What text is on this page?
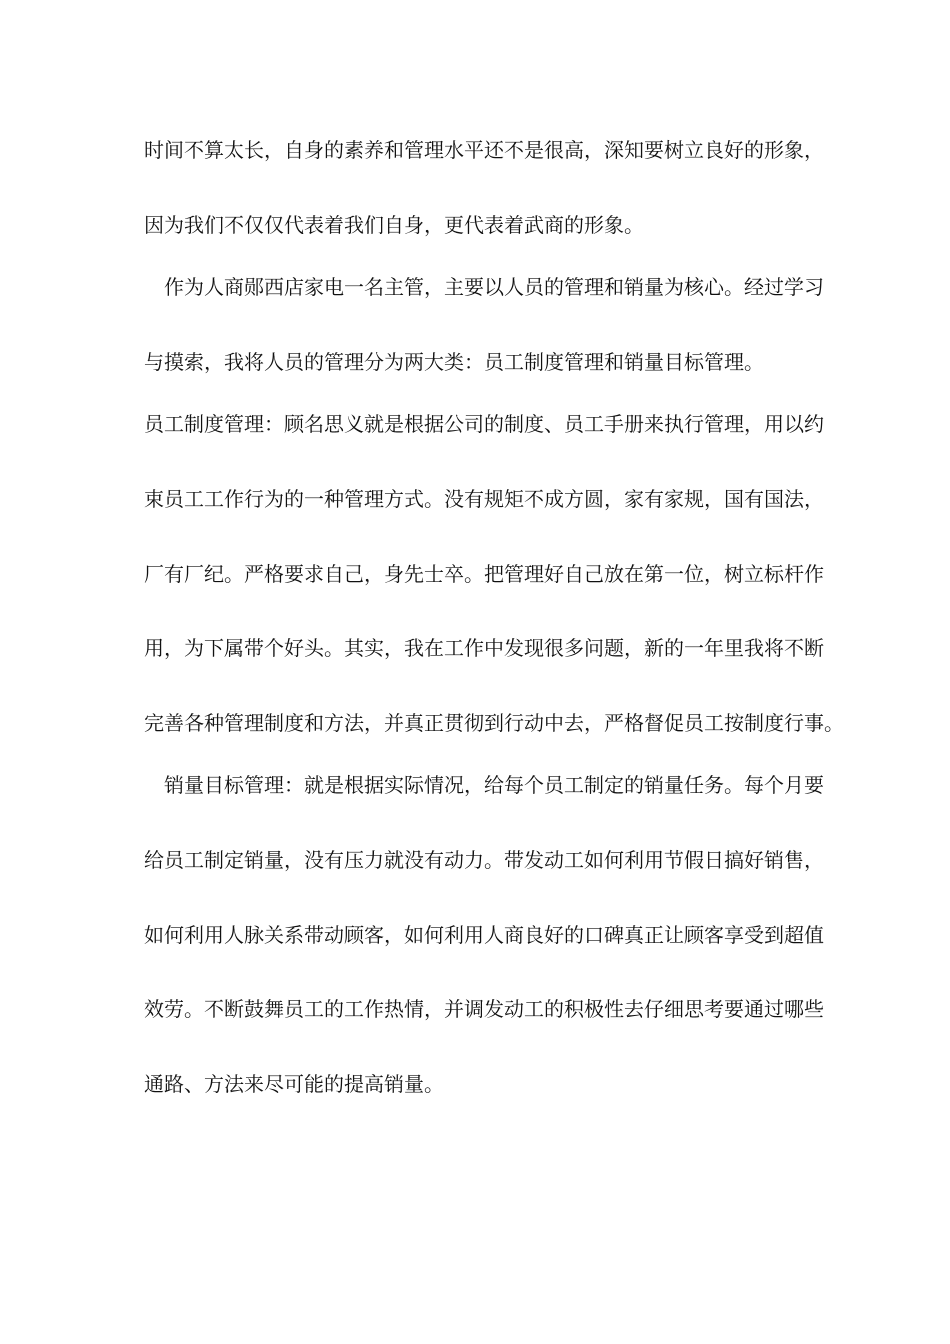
时间不算太长，自身的素养和管理水平还不是很高，深知要树立良好的形象，
因为我们不仅仅代表着我们自身，更代表着武商的形象。
　作为人商郧西店家电一名主管，主要以人员的管理和销量为核心。经过学习
与摸索，我将人员的管理分为两大类：员工制度管理和销量目标管理。
员工制度管理：顾名思义就是根据公司的制度、员工手册来执行管理，用以约
束员工工作行为的一种管理方式。没有规矩不成方圆，家有家规，国有国法，
厂有厂纪。严格要求自己，身先士卒。把管理好自己放在第一位，树立标杆作
用，为下属带个好头。其实，我在工作中发现很多问题，新的一年里我将不断
完善各种管理制度和方法，并真正贯彻到行动中去，严格督促员工按制度行事。
　销量目标管理：就是根据实际情况，给每个员工制定的销量任务。每个月要
给员工制定销量，没有压力就没有动力。带发动工如何利用节假日搞好销售，
如何利用人脉关系带动顾客，如何利用人商良好的口碑真正让顾客享受到超值
效劳。不断鼓舞员工的工作热情，并调发动工的积极性去仔细思考要通过哪些
通路、方法来尽可能的提高销量。
